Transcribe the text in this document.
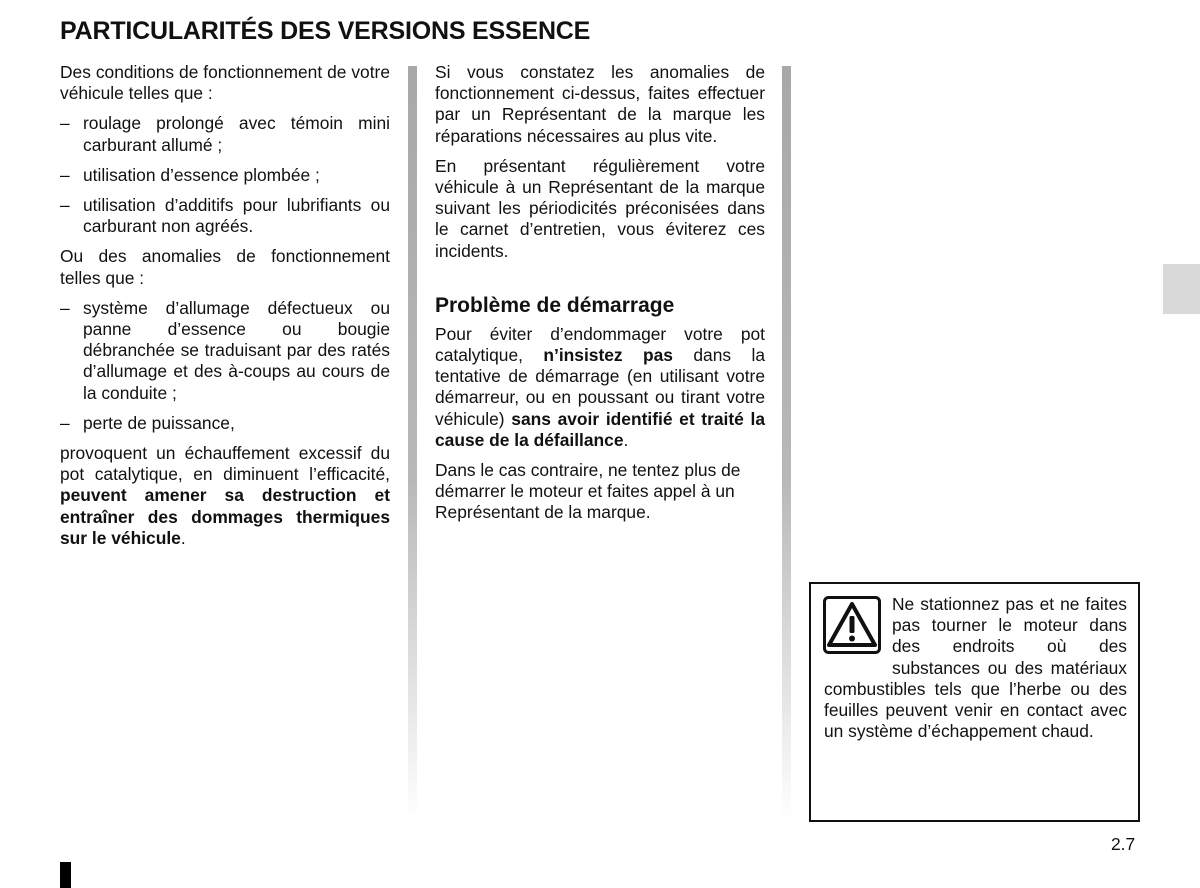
PARTICULARITÉS DES VERSIONS ESSENCE

Des conditions de fonctionnement de votre véhicule telles que :

– roulage prolongé avec témoin mini carburant allumé ;
– utilisation d’essence plombée ;
– utilisation d’additifs pour lubrifiants ou carburant non agréés.

Ou des anomalies de fonctionnement telles que :

– système d’allumage défectueux ou panne d’essence ou bougie débranchée se traduisant par des ratés d’allumage et des à-coups au cours de la conduite ;
– perte de puissance,

provoquent un échauffement excessif du pot catalytique, en diminuent l’efficacité, peuvent amener sa destruction et entraîner des dommages thermiques sur le véhicule.

Si vous constatez les anomalies de fonctionnement ci-dessus, faites effectuer par un Représentant de la marque les réparations nécessaires au plus vite.

En présentant régulièrement votre véhicule à un Représentant de la marque suivant les périodicités préconisées dans le carnet d’entretien, vous éviterez ces incidents.

Problème de démarrage

Pour éviter d’endommager votre pot catalytique, n’insistez pas dans la tentative de démarrage (en utilisant votre démarreur, ou en poussant ou tirant votre véhicule) sans avoir identifié et traité la cause de la défaillance.

Dans le cas contraire, ne tentez plus de démarrer le moteur et faites appel à un Représentant de la marque.

Ne stationnez pas et ne faites pas tourner le moteur dans des endroits où des substances ou des matériaux combustibles tels que l’herbe ou des feuilles peuvent venir en contact avec un système d’échappement chaud.
2.7
